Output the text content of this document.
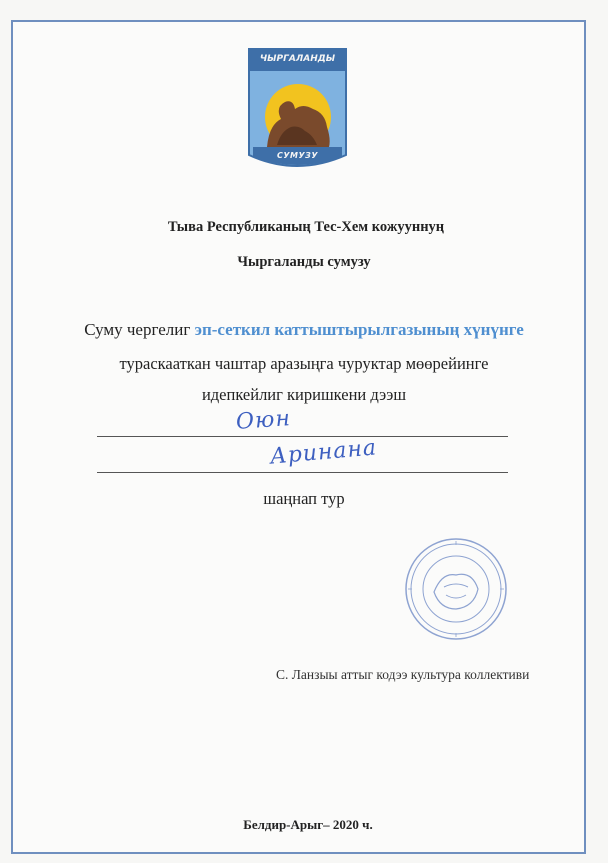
ЧЫРГАЛАНДЫ
СУМУЗУ
Тыва Республиканың Тес-Хем кожууннуң
Чыргаланды сумузу
Суму чергелиг эп-сеткил каттыштырылгазының хүнүнге
тураскааткан чаштар аразыңга чуруктар мөөрейинге
идепкейлиг киришкени дээш
Оюн
Аринана
шаңнап тур
С. Ланзыы аттыг кодээ культура коллективи
Белдир-Арыг– 2020 ч.
